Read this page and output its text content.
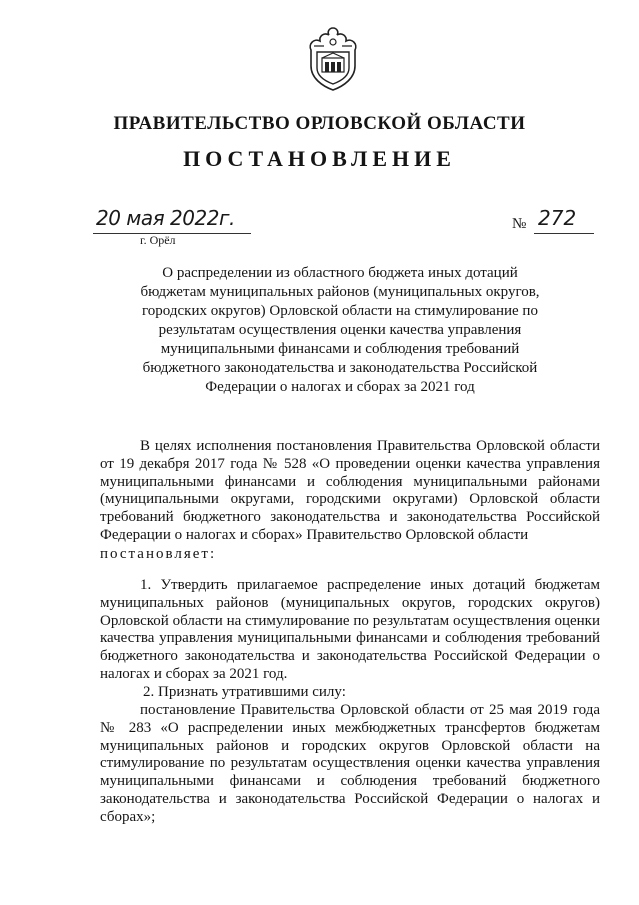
ПРАВИТЕЛЬСТВО ОРЛОВСКОЙ ОБЛАСТИ
ПОСТАНОВЛЕНИЕ
20 мая 2022г.
г. Орёл
№ 272
О распределении из областного бюджета иных дотаций бюджетам муниципальных районов (муниципальных округов, городских округов) Орловской области на стимулирование по результатам осуществления оценки качества управления муниципальными финансами и соблюдения требований бюджетного законодательства и законодательства Российской Федерации о налогах и сборах за 2021 год

В целях исполнения постановления Правительства Орловской области от 19 декабря 2017 года № 528 «О проведении оценки качества управления муниципальными финансами и соблюдения муниципальными районами (муниципальными округами, городскими округами) Орловской области требований бюджетного законодательства и законодательства Российской Федерации о налогах и сборах» Правительство Орловской области

постановляет:

1. Утвердить прилагаемое распределение иных дотаций бюджетам муниципальных районов (муниципальных округов, городских округов) Орловской области на стимулирование по результатам осуществления оценки качества управления муниципальными финансами и соблюдения требований бюджетного законодательства и законодательства Российской Федерации о налогах и сборах за 2021 год.

2. Признать утратившими силу:

постановление Правительства Орловской области от 25 мая 2019 года № 283 «О распределении иных межбюджетных трансфертов бюджетам муниципальных районов и городских округов Орловской области на стимулирование по результатам осуществления оценки качества управления муниципальными финансами и соблюдения требований бюджетного законодательства и законодательства Российской Федерации о налогах и сборах»;
